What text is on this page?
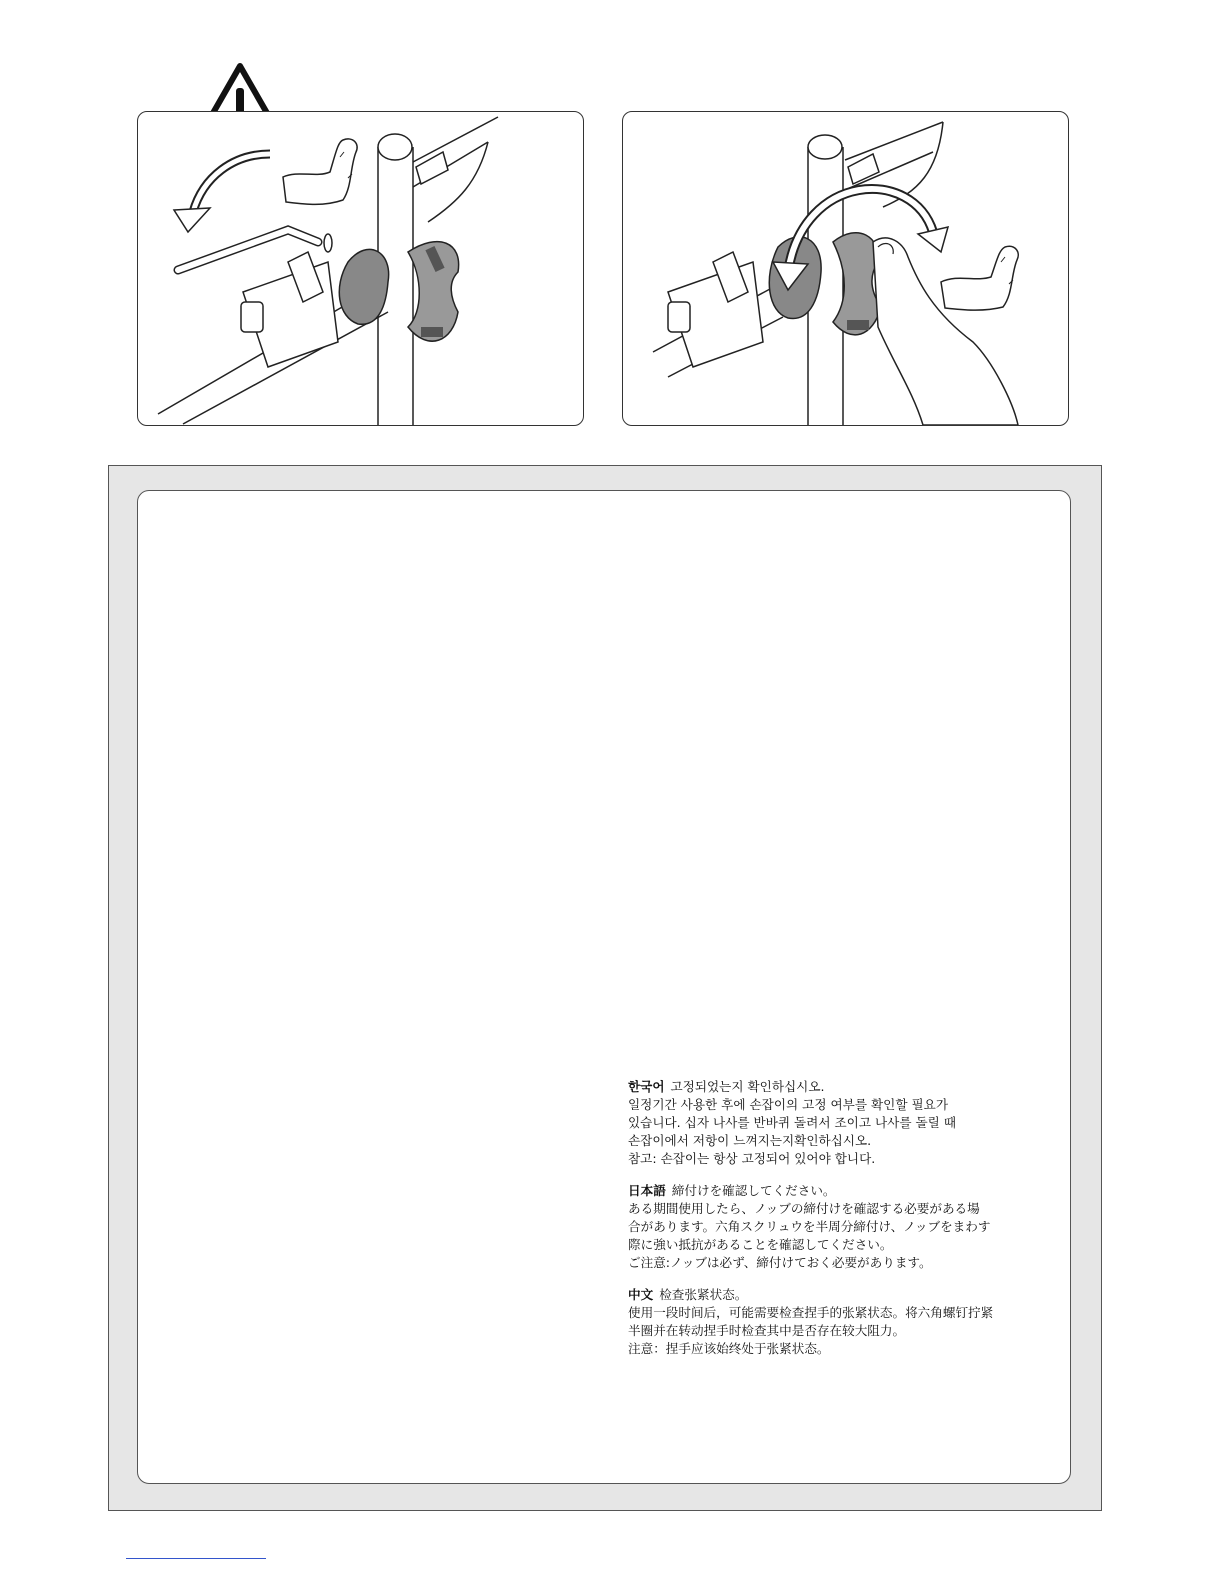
한국어 고정되었는지 확인하십시오.

일정기간 사용한 후에 손잡이의 고정 여부를 확인할 필요가

있습니다. 십자 나사를 반바퀴 돌려서 조이고 나사를 돌릴 때

손잡이에서 저항이 느껴지는지확인하십시오.

참고: 손잡이는 항상 고정되어 있어야 합니다.

日本語 締付けを確認してください。

ある期間使用したら、ノッブの締付けを確認する必要がある場

合があります。六角スクリュウを半周分締付け、ノッブをまわす

際に強い抵抗があることを確認してください。

ご注意:ノッブは必ず、締付けておく必要があります。

中文 检查张紧状态。

使用一段时间后，可能需要检查捏手的张紧状态。将六角螺钉拧紧

半圈并在转动捏手时检查其中是否存在较大阻力。

注意：捏手应该始终处于张紧状态。
